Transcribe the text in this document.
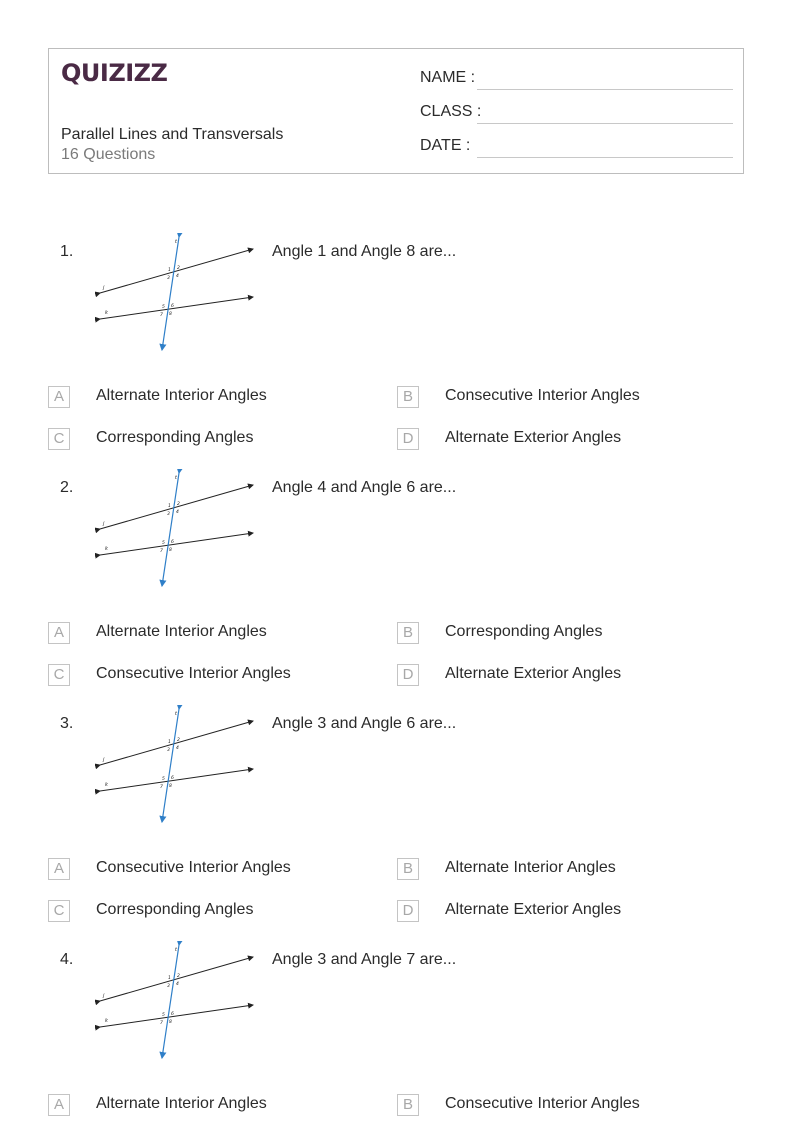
QUIZIZZ
Parallel Lines and Transversals
16 Questions
NAME :
CLASS :
DATE :
1.
t
j
k
1 2
3 4
5 6
7 8
Angle 1 and Angle 8 are...
A	Alternate Interior Angles	B	Consecutive Interior Angles
C	Corresponding Angles	D	Alternate Exterior Angles
2.
t
j
k
1 2
3 4
5 6
7 8
Angle 4 and Angle 6 are...
A	Alternate Interior Angles	B	Corresponding Angles
C	Consecutive Interior Angles	D	Alternate Exterior Angles
3.
t
j
k
1 2
3 4
5 6
7 8
Angle 3 and Angle 6 are...
A	Consecutive Interior Angles	B	Alternate Interior Angles
C	Corresponding Angles	D	Alternate Exterior Angles
4.
t
j
k
1 2
3 4
5 6
7 8
Angle 3 and Angle 7 are...
A	Alternate Interior Angles	B	Consecutive Interior Angles
